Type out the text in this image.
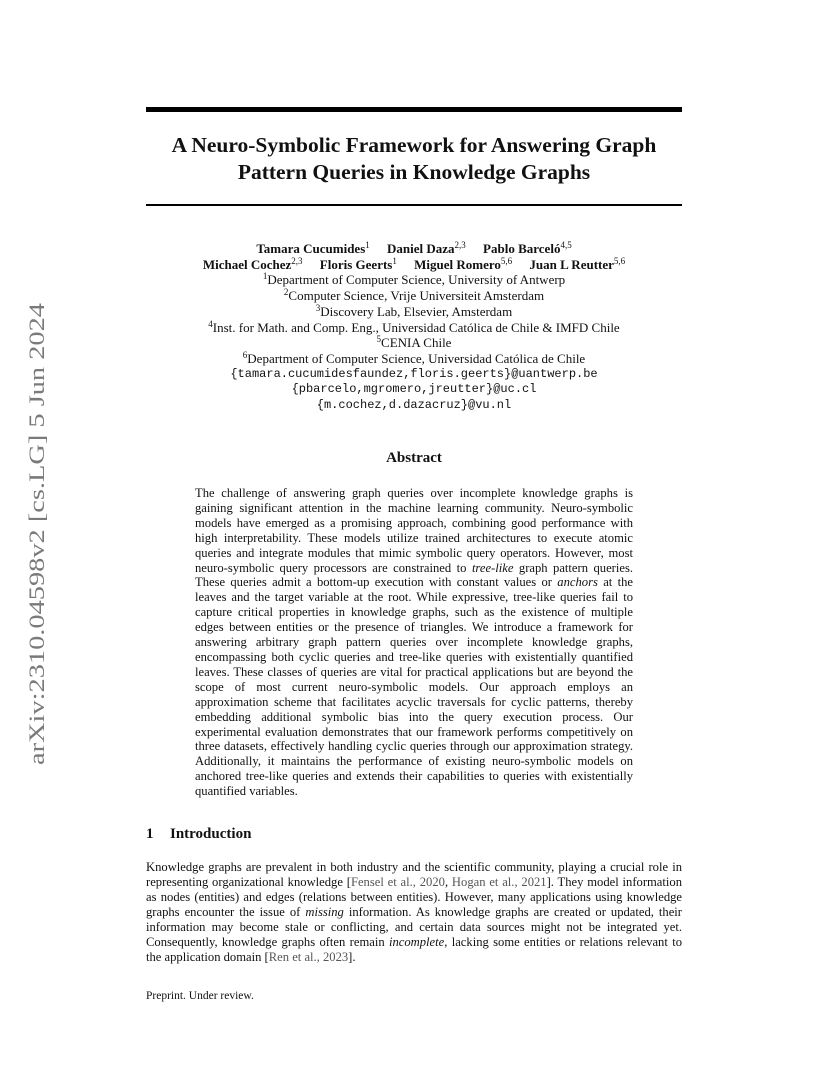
arXiv:2310.04598v2 [cs.LG] 5 Jun 2024
A Neuro-Symbolic Framework for Answering Graph
Pattern Queries in Knowledge Graphs
Tamara Cucumides$^1$ Daniel Daza$^{2,3}$ Pablo Barceló$^{4,5}$
Michael Cochez$^{2,3}$ Floris Geerts$^1$ Miguel Romero$^{5,6}$ Juan L Reutter$^{5,6}$
$^1$Department of Computer Science, University of Antwerp
$^2$Computer Science, Vrije Universiteit Amsterdam
$^3$Discovery Lab, Elsevier, Amsterdam
$^4$Inst. for Math. and Comp. Eng., Universidad Católica de Chile & IMFD Chile
$^5$CENIA Chile
$^6$Department of Computer Science, Universidad Católica de Chile
{tamara.cucumidesfaundez,floris.geerts}@uantwerp.be
{pbarcelo,mgromero,jreutter}@uc.cl
{m.cochez,d.dazacruz}@vu.nl
Abstract
The challenge of answering graph queries over incomplete knowledge graphs is gaining significant attention in the machine learning community. Neuro-symbolic models have emerged as a promising approach, combining good performance with high interpretability. These models utilize trained architectures to execute atomic queries and integrate modules that mimic symbolic query operators. However, most neuro-symbolic query processors are constrained to tree-like graph pattern queries. These queries admit a bottom-up execution with constant values or anchors at the leaves and the target variable at the root. While expressive, tree-like queries fail to capture critical properties in knowledge graphs, such as the existence of multiple edges between entities or the presence of triangles. We introduce a framework for answering arbitrary graph pattern queries over incomplete knowledge graphs, encompassing both cyclic queries and tree-like queries with existentially quantified leaves. These classes of queries are vital for practical applications but are beyond the scope of most current neuro-symbolic models. Our approach employs an approximation scheme that facilitates acyclic traversals for cyclic patterns, thereby embedding additional symbolic bias into the query execution process. Our experimental evaluation demonstrates that our framework performs competitively on three datasets, effectively handling cyclic queries through our approximation strategy. Additionally, it maintains the performance of existing neuro-symbolic models on anchored tree-like queries and extends their capabilities to queries with existentially quantified variables.
1 Introduction
Knowledge graphs are prevalent in both industry and the scientific community, playing a crucial role in representing organizational knowledge [Fensel et al., 2020, Hogan et al., 2021]. They model information as nodes (entities) and edges (relations between entities). However, many applications using knowledge graphs encounter the issue of missing information. As knowledge graphs are created or updated, their information may become stale or conflicting, and certain data sources might not be integrated yet. Consequently, knowledge graphs often remain incomplete, lacking some entities or relations relevant to the application domain [Ren et al., 2023].
Preprint. Under review.
